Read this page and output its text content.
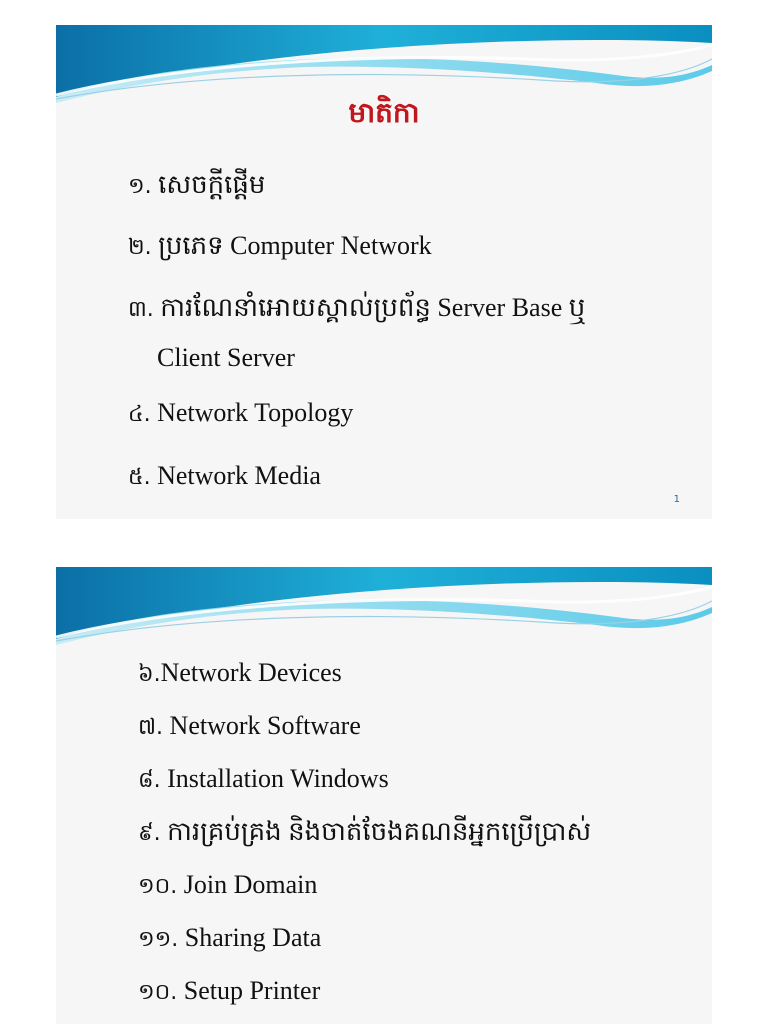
មាតិកា
១. សេចក្តីផ្តើម
២. ប្រភេទ Computer Network
៣. ការណែនាំអោយស្គាល់ប្រព័ន្ធ Server Base ឬ
Client Server
៤. Network Topology
៥. Network Media
1
៦.Network Devices
៧. Network Software
៨. Installation Windows
៩. ការគ្រប់គ្រង និងចាត់ចែងគណនីអ្នកប្រើប្រាស់
១០. Join Domain
១១. Sharing Data
១០. Setup Printer
